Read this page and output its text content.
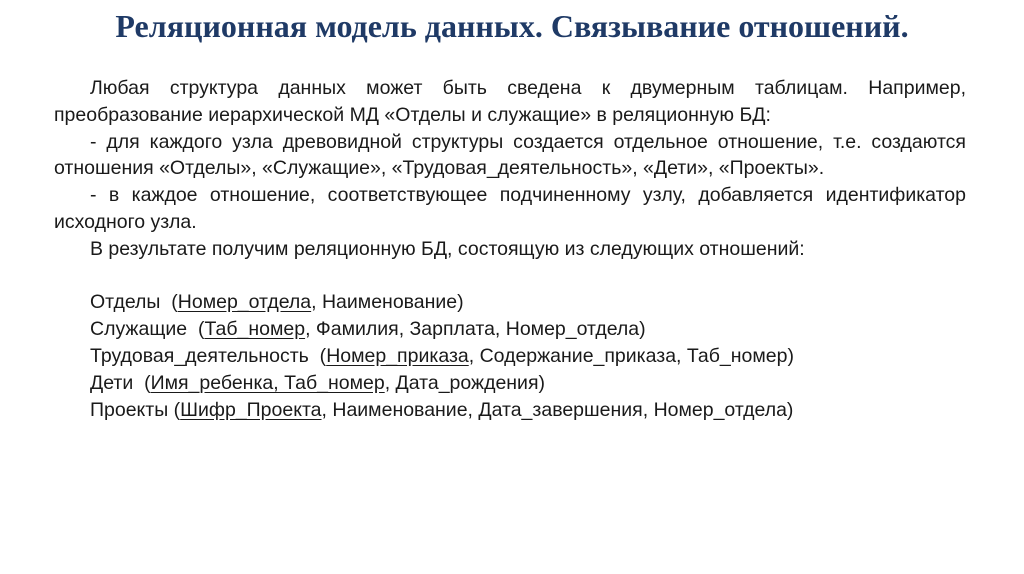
Реляционная модель данных. Связывание отношений.

Любая структура данных может быть сведена к двумерным таблицам. Например, преобразование иерархической МД «Отделы и служащие» в реляционную БД:

- для каждого узла древовидной структуры создается отдельное отношение, т.е. создаются отношения «Отделы», «Служащие», «Трудовая_деятельность», «Дети», «Проекты».

- в каждое отношение, соответствующее подчиненному узлу, добавляется идентификатор исходного узла.

В результате получим реляционную БД, состоящую из следующих отношений:

Отделы  (Номер_отдела, Наименование)
Служащие  (Таб_номер, Фамилия, Зарплата, Номер_отдела)
Трудовая_деятельность  (Номер_приказа, Содержание_приказа, Таб_номер)
Дети  (Имя_ребенка, Таб_номер, Дата_рождения)
Проекты (Шифр_Проекта, Наименование, Дата_завершения, Номер_отдела)
